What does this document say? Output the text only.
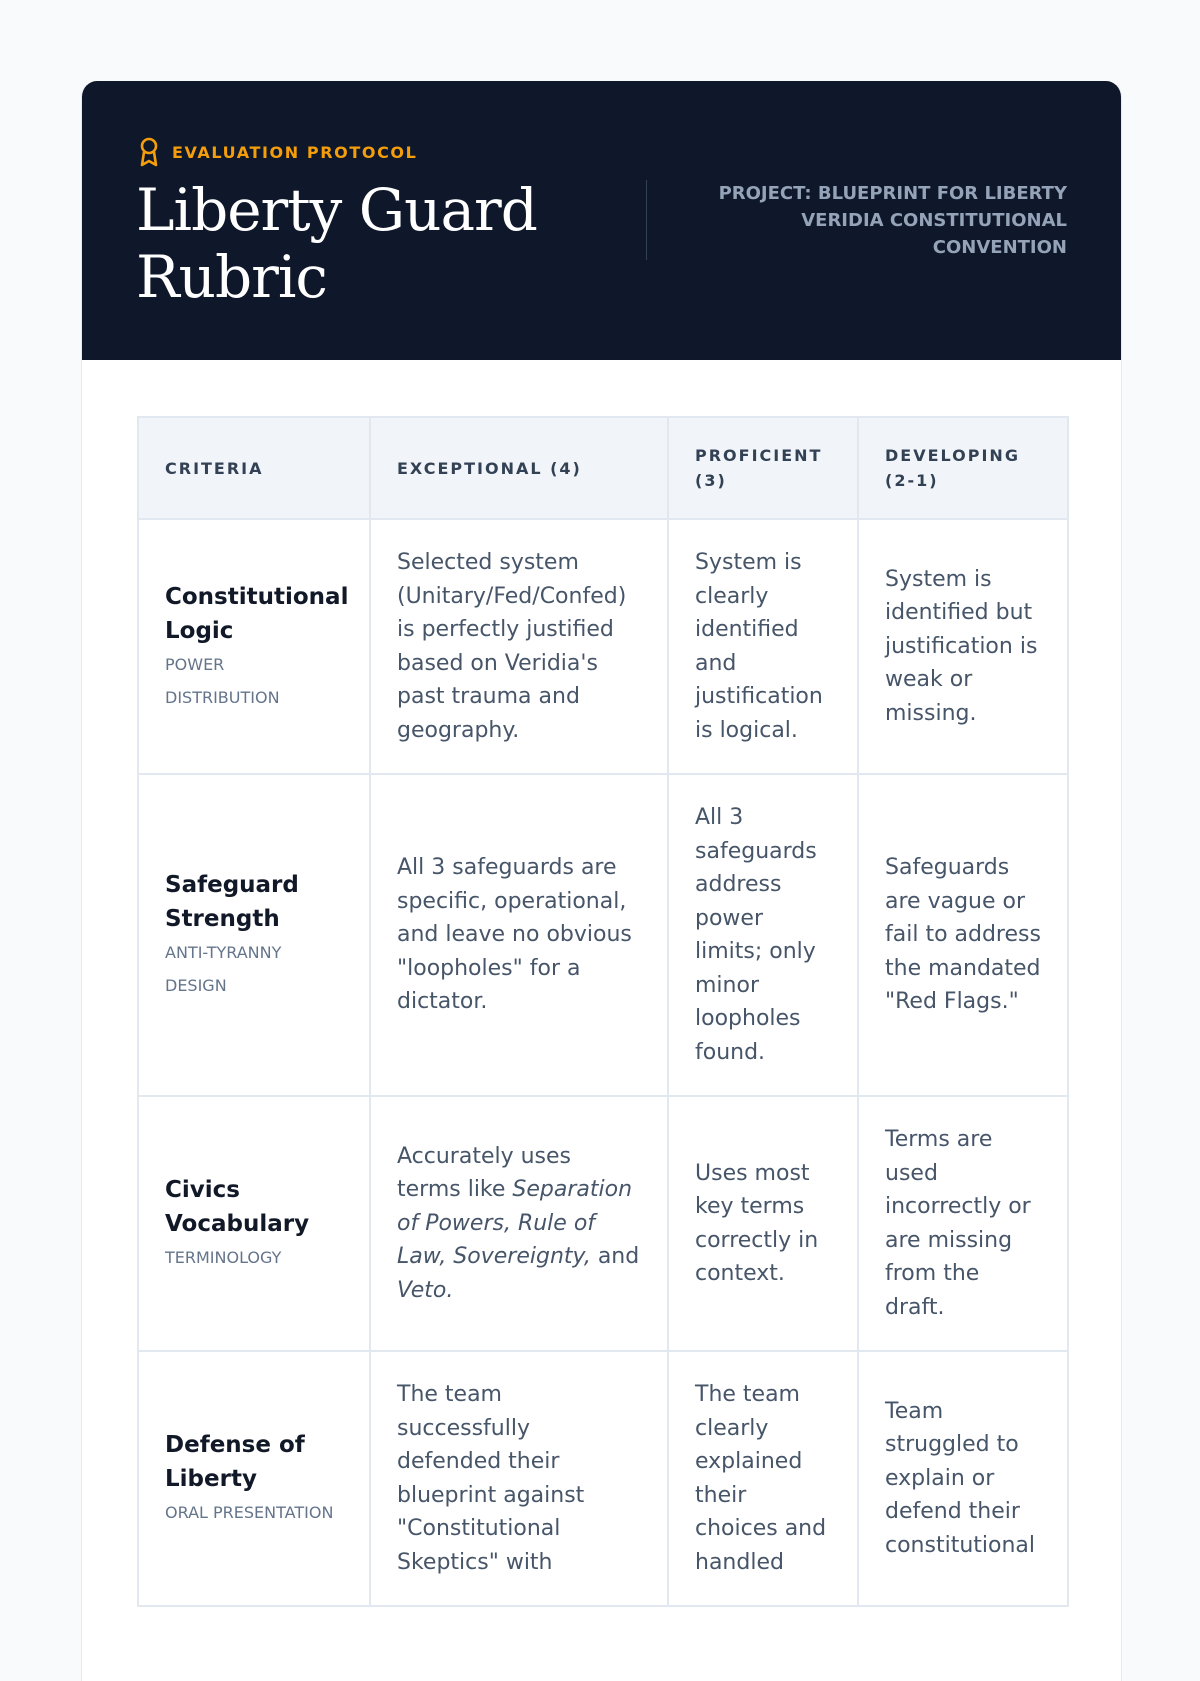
EVALUATION PROTOCOL
Liberty Guard Rubric
PROJECT: BLUEPRINT FOR LIBERTY
VERIDIA CONSTITUTIONAL
CONVENTION
CRITERIA	EXCEPTIONAL (4)	PROFICIENT (3)	DEVELOPING (2-1)

Constitutional Logic
POWER DISTRIBUTION	Selected system (Unitary/Fed/Confed) is perfectly justified based on Veridia's past trauma and geography.	System is clearly identified and justification is logical.	System is identified but justification is weak or missing.

Safeguard Strength
ANTI-TYRANNY DESIGN	All 3 safeguards are specific, operational, and leave no obvious "loopholes" for a dictator.	All 3 safeguards address power limits; only minor loopholes found.	Safeguards are vague or fail to address the mandated "Red Flags."

Civics Vocabulary
TERMINOLOGY	Accurately uses terms like Separation of Powers, Rule of Law, Sovereignty, and Veto.	Uses most key terms correctly in context.	Terms are used incorrectly or are missing from the draft.

Defense of Liberty
ORAL PRESENTATION	The team successfully defended their blueprint against "Constitutional Skeptics" with	The team clearly explained their choices and handled	Team struggled to explain or defend their constitutional
